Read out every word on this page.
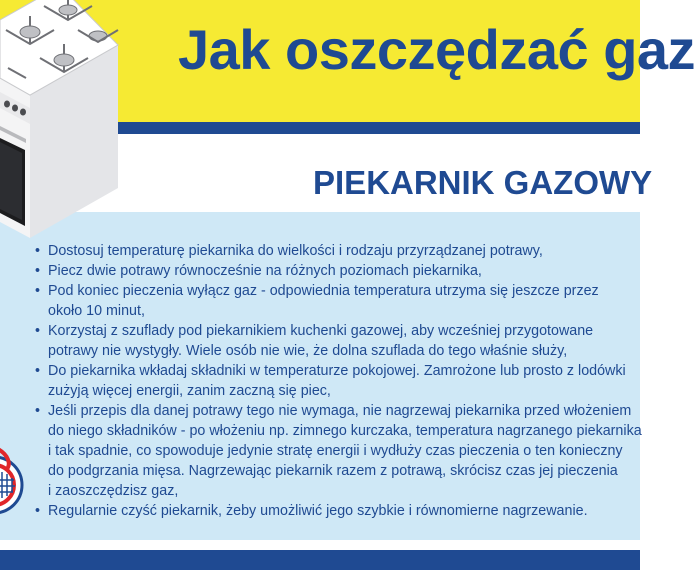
Jak oszczędzać gaz
PIEKARNIK GAZOWY
• Dostosuj temperaturę piekarnika do wielkości i rodzaju przyrządzanej potrawy,
• Piecz dwie potrawy równocześnie na różnych poziomach piekarnika,
• Pod koniec pieczenia wyłącz gaz - odpowiednia temperatura utrzyma się jeszcze przez
około 10 minut,
• Korzystaj z szuflady pod piekarnikiem kuchenki gazowej, aby wcześniej przygotowane
potrawy nie wystygły. Wiele osób nie wie, że dolna szuflada do tego właśnie służy,
• Do piekarnika wkładaj składniki w temperaturze pokojowej. Zamrożone lub prosto z lodówki
zużyją więcej energii, zanim zaczną się piec,
• Jeśli przepis dla danej potrawy tego nie wymaga, nie nagrzewaj piekarnika przed włożeniem
do niego składników - po włożeniu np. zimnego kurczaka, temperatura nagrzanego piekarnika
i tak spadnie, co spowoduje jedynie stratę energii i wydłuży czas pieczenia o ten konieczny
do podgrzania mięsa. Nagrzewając piekarnik razem z potrawą, skrócisz czas jej pieczenia
i zaoszczędzisz gaz,
• Regularnie czyść piekarnik, żeby umożliwić jego szybkie i równomierne nagrzewanie.
